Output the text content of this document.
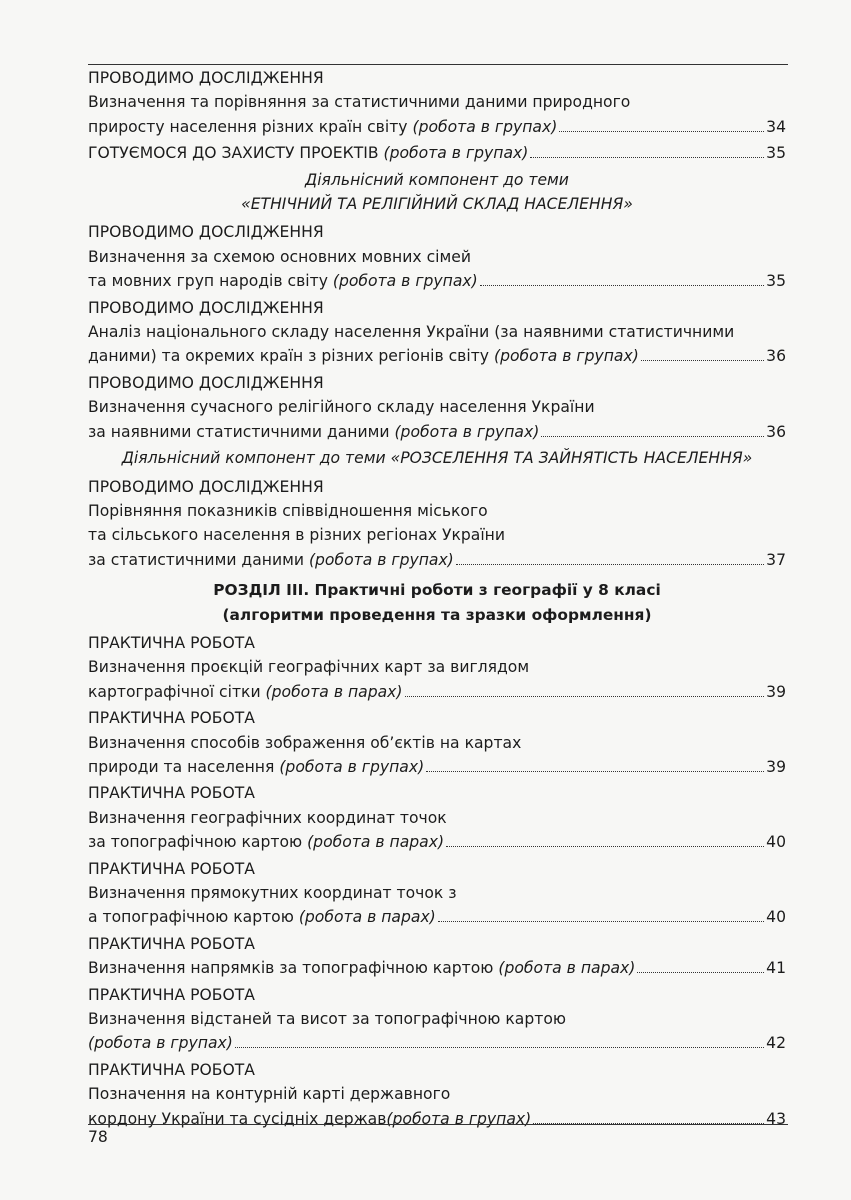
ПРОВОДИМО ДОСЛІДЖЕННЯ
Визначення та порівняння за статистичними даними природного
приросту населення різних країн світу (робота в групах)	34
ГОТУЄМОСЯ ДО ЗАХИСТУ ПРОЕКТІВ (робота в групах)	35
Діяльнісний компонент до теми
«ЕТНІЧНИЙ ТА РЕЛІГІЙНИЙ СКЛАД НАСЕЛЕННЯ»
ПРОВОДИМО ДОСЛІДЖЕННЯ
Визначення за схемою основних мовних сімей
та мовних груп народів світу (робота в групах)	35
ПРОВОДИМО ДОСЛІДЖЕННЯ
Аналіз національного складу населення України (за наявними статистичними
даними) та окремих країн з різних регіонів світу (робота в групах)	36
ПРОВОДИМО ДОСЛІДЖЕННЯ
Визначення сучасного релігійного складу населення України
за наявними статистичними даними (робота в групах)	36
Діяльнісний компонент до теми «РОЗСЕЛЕННЯ ТА ЗАЙНЯТІСТЬ НАСЕЛЕННЯ»
ПРОВОДИМО ДОСЛІДЖЕННЯ
Порівняння показників співвідношення міського
та сільського населення в різних регіонах України
за статистичними даними (робота в групах)	37
РОЗДІЛ ІІІ. Практичні роботи з географії у 8 класі
(алгоритми проведення та зразки оформлення)
ПРАКТИЧНА РОБОТА
Визначення проєкцій географічних карт за виглядом
картографічної сітки (робота в парах)	39
ПРАКТИЧНА РОБОТА
Визначення способів зображення об’єктів на картах
природи та населення (робота в групах)	39
ПРАКТИЧНА РОБОТА
Визначення географічних координат точок
за топографічною картою (робота в парах)	40
ПРАКТИЧНА РОБОТА
Визначення прямокутних координат точок з
а топографічною картою (робота в парах)	40
ПРАКТИЧНА РОБОТА
Визначення напрямків за топографічною картою (робота в парах)	41
ПРАКТИЧНА РОБОТА
Визначення відстаней та висот за топографічною картою
(робота в групах)	42
ПРАКТИЧНА РОБОТА
Позначення на контурній карті державного
кордону України та сусідніх держав(робота в групах)	43
78
